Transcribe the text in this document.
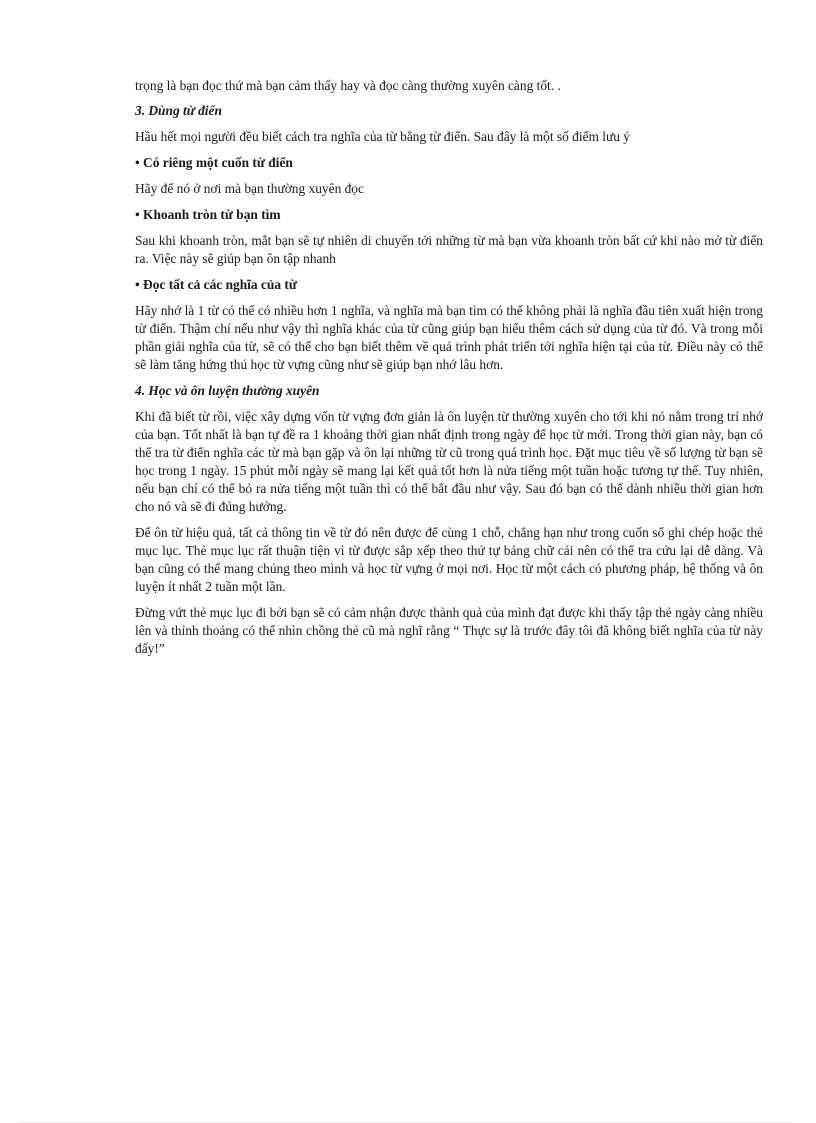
trọng là bạn đọc thứ mà bạn cảm thấy hay và đọc càng thường xuyên càng tốt. .

3. Dùng từ điển

Hầu hết mọi người đều biết cách tra nghĩa của từ bằng từ điển. Sau đây là một số điểm lưu ý

• Có riêng một cuốn từ điển

Hãy để nó ở nơi mà bạn thường xuyên đọc

• Khoanh tròn từ bạn tìm

Sau khi khoanh tròn, mắt bạn sẽ tự nhiên di chuyển tới những từ mà bạn vừa khoanh tròn bất cứ khi nào mở từ điển ra. Việc này sẽ giúp bạn ôn tập nhanh

• Đọc tất cả các nghĩa của từ

Hãy nhớ là 1 từ có thể có nhiều hơn 1 nghĩa, và nghĩa mà bạn tìm có thể không phải là nghĩa đầu tiên xuất hiện trong từ điển. Thậm chí nếu như vậy thì nghĩa khác của từ cũng giúp bạn hiểu thêm cách sử dụng của từ đó. Và trong mỗi phần giải nghĩa của từ, sẽ có thể cho bạn biết thêm về quá trình phát triển tới nghĩa hiện tại của từ. Điều này có thể sẽ làm tăng hứng thú học từ vựng cũng như sẽ giúp bạn nhớ lâu hơn.

4. Học và ôn luyện thường xuyên

Khi đã biết từ rồi, việc xây dựng vốn từ vựng đơn giản là ôn luyện từ thường xuyên cho tới khi nó nằm trong trí nhớ của bạn. Tốt nhất là bạn tự đề ra 1 khoảng thời gian nhất định trong ngày để học từ mới. Trong thời gian này, bạn có thể tra từ điển nghĩa các từ mà bạn gặp và ôn lại những từ cũ trong quá trình học. Đặt mục tiêu về số lượng từ bạn sẽ học trong 1 ngày. 15 phút mỗi ngày sẽ mang lại kết quả tốt hơn là nửa tiếng một tuần hoặc tương tự thế. Tuy nhiên, nếu bạn chỉ có thể bỏ ra nửa tiếng một tuần thì có thể bắt đầu như vậy. Sau đó bạn có thể dành nhiều thời gian hơn cho nó và sẽ đi đúng hướng.

Để ôn từ hiệu quả, tất cả thông tin về từ đó nên được để cùng 1 chỗ, chẳng hạn như trong cuốn sổ ghi chép hoặc thẻ mục lục. Thẻ mục lục rất thuận tiện vì từ được sắp xếp theo thứ tự bảng chữ cái nên có thể tra cứu lại dễ dàng. Và bạn cũng có thể mang chúng theo mình và học từ vựng ở mọi nơi. Học từ một cách có phương pháp, hệ thống và ôn luyện ít nhất 2 tuần một lần.

Đừng vứt thẻ mục lục đi bởi bạn sẽ có cảm nhận được thành quả của mình đạt được khi thấy tập thẻ ngày càng nhiều lên và thỉnh thoảng có thể nhìn chồng thẻ cũ mà nghĩ rằng “ Thực sự là trước đây tôi đã không biết nghĩa của từ này đấy!”
